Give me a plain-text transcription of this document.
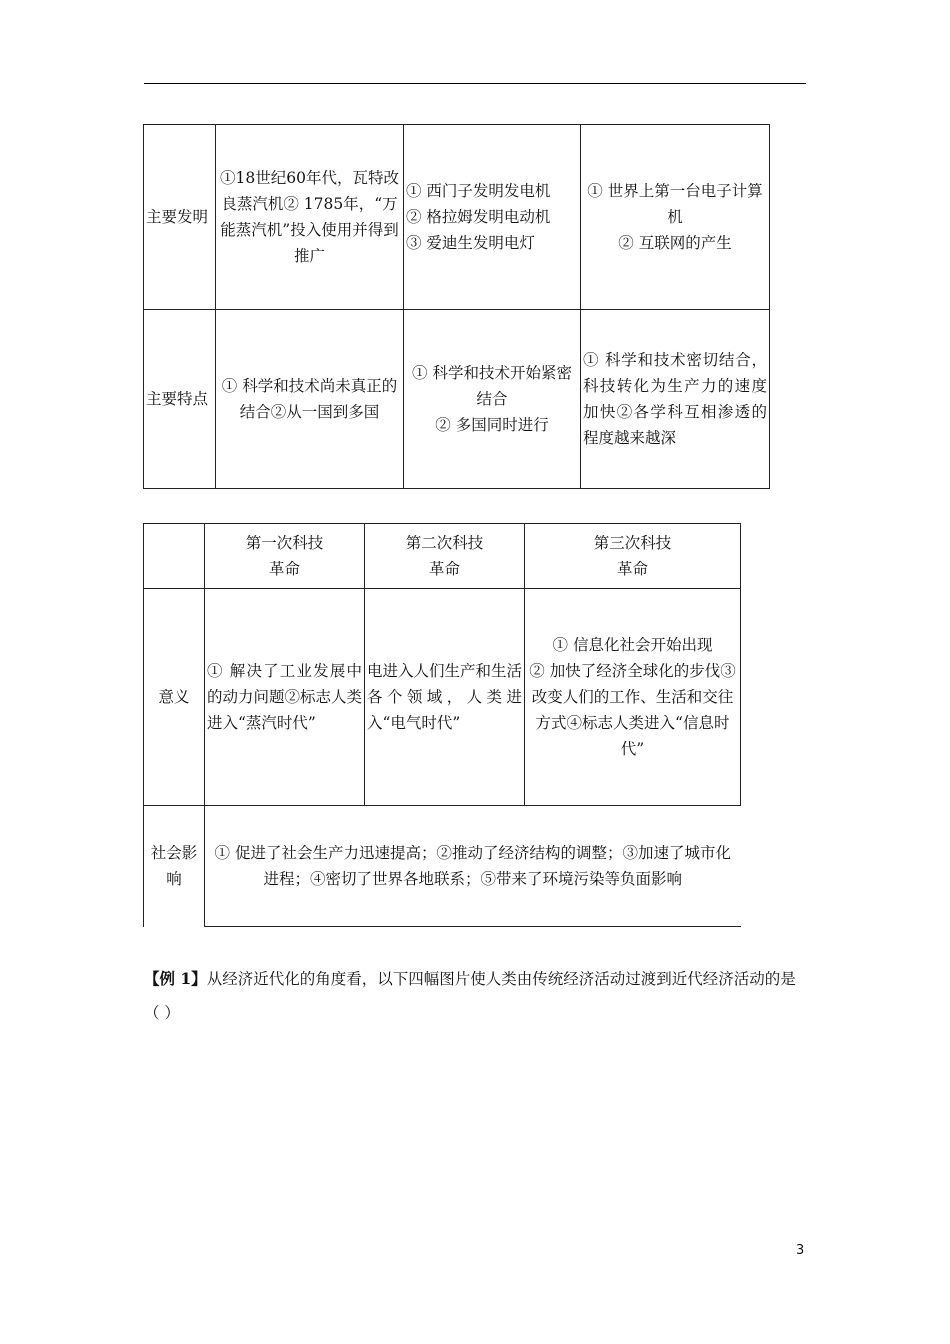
主要发明	①18世纪60年代，瓦特改良蒸汽机② 1785年，“万能蒸汽机”投入使用并得到推广	① 西门子发明发电机
② 格拉姆发明电动机
③ 爱迪生发明电灯	① 世界上第一台电子计算机
② 互联网的产生
主要特点	① 科学和技术尚未真正的结合②从一国到多国	① 科学和技术开始紧密结合
② 多国同时进行	① 科学和技术密切结合，科技转化为生产力的速度加快②各学科互相渗透的程度越来越深
	第一次科技
革命	第二次科技
革命	第三次科技
革命
意义	① 解决了工业发展中的动力问题②标志人类进入“蒸汽时代”	电进入人们生产和生活各个领域，人类进入“电气时代”	① 信息化社会开始出现
② 加快了经济全球化的步伐③改变人们的工作、生活和交往方式④标志人类进入“信息时代”
社会影响	① 促进了社会生产力迅速提高；②推动了经济结构的调整；③加速了城市化进程；④密切了世界各地联系；⑤带来了环境污染等负面影响		
【例 1】从经济近代化的角度看，以下四幅图片使人类由传统经济活动过渡到近代经济活动的是（ ）
3
